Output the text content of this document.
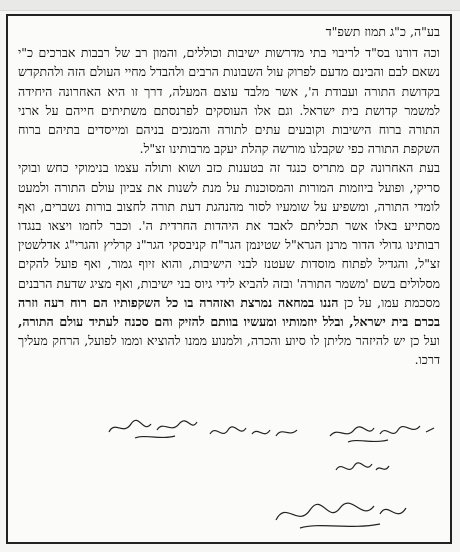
בע"ה, כ"ג תמוז תשפ"ד

וכה דורנו בס"ד לריבוי בתי מדרשות ישיבות וכוללים, והמון רב של רבבות אברכים כ"י נשאם לבם והבינם מדעם לפרוק עול השבונות הרבים ולהבדל מחיי העולם הזה ולהתקדש בקדושת התורה ועבודת ה', אשר מלבד עוצם המעלה, דרך זו היא האחרונה היחידה למשמר קדושת בית ישראל. וגם אלו העוסקים לפרנסתם משתיתים חייהם על ארני התורה ברוח הישיבות וקובעים עתים לתורה והמנכים בניהם ומייסדים בתיהם ברוח השקפת התורה כפי שקבלנו מורשה קהלת יעקב מרבותינו זצ"ל.

בעת האחרונה קם מתריס כנגד זה בטענות כזב ושוא ותולה עצמו בנימוקי כחש ובוקי סריקי, ופועל ביוזמות המורות והמסוכנות על מנת לשנות את צביון עולם התורה ולמעט לומדי התורה, ומשפיע על שומעיו לסור מהנהגת דעת תורה לחצוב בורות נשברים, ואף מסתייע באלו אשר תכליתם לאבד את היהדות החרדית ה'. וכבר לחמו ויצאו בנגדו רבותינו גדולי הדור מרנן הגרא"ל שטינמן הגר"ח קניבסקי הגר"נ קרליץ והגרי"ג אדלשטין זצ"ל, והגדיל לפתוח מוסדות שעטנז לבני הישיבות, והוא זיוף גמור, ואף פועל להקים מסלולים בשם 'משמר התורה' ובזה להביא לידי גיוס בני ישיבות, ואף מציג שדעת הרבנים מסכמת עמו, על כן הננו במחאה נמרצת ואזהרה בו כל השקפותיו הם רוח רעה וזרה בכרם בית ישראל, ובלל יוזמותיו ומעשיו בוותם להזיק והם סכנה לעתיד עולם התורה, ועל כן יש להיזהר מליתן לו סיוע והכרה, ולמנוע ממנו להוציא וממו לפועל, הרחק מעליך דרכו.
